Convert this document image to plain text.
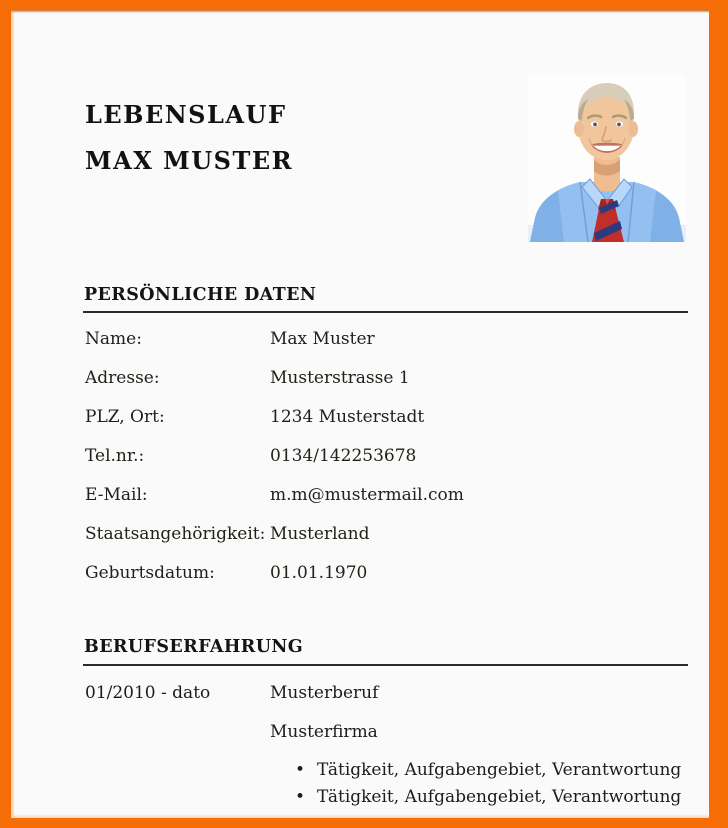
LEBENSLAUF
MAX MUSTER
PERSÖNLICHE DATEN
Name:	Max Muster
Adresse:	Musterstrasse 1
PLZ, Ort:	1234 Musterstadt
Tel.nr.:	0134/142253678
E-Mail:	m.m@mustermail.com
Staatsangehörigkeit: Musterland
Geburtsdatum:	01.01.1970
BERUFSERFAHRUNG
01/2010 - dato	Musterberuf
Musterfirma
• Tätigkeit, Aufgabengebiet, Verantwortung
• Tätigkeit, Aufgabengebiet, Verantwortung
